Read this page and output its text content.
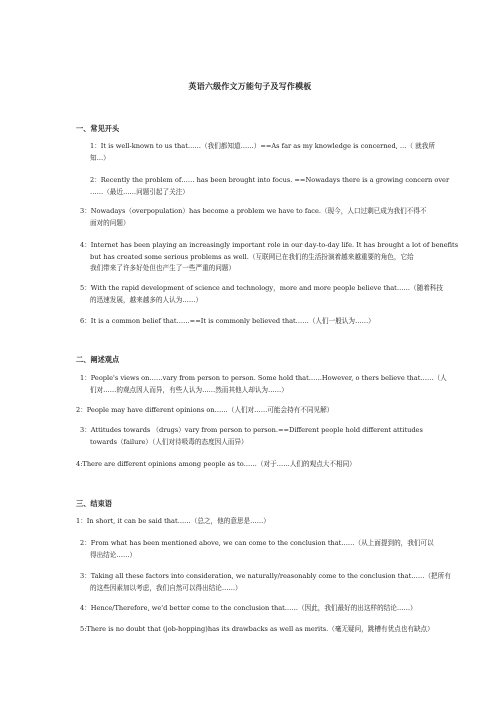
英语六级作文万能句子及写作模板
一、常见开头
1：It is well-known to us that……（我们都知道……）==As far as my knowledge is concerned, …（ 就我所
知…）
2：Recently the problem of…… has been brought into focus. ==Nowadays there is a growing concern over
……（最近……问题引起了关注）
3：Nowadays（overpopulation）has become a problem we have to face.（现今，人口过剩已成为我们不得不
面对的问题）
4：Internet has been playing an increasingly important role in our day-to-day life. It has brought a lot of benefits
but has created some serious problems as well.（互联网已在我们的生活扮演着越来越重要的角色，它给
我们带来了许多好处但也产生了一些严重的问题）
5：With the rapid development of science and technology，more and more people believe that……（随着科技
的迅速发展，越来越多的人认为……）
6：It is a common belief that……==It is commonly believed that……（人们一般认为……）
二、阐述观点
1：People's views on……vary from person to person. Some hold that……However, o thers believe that……（人
们对……的观点因人而异，有些人认为……然而其他人却认为……）
2：People may have different opinions on……（人们对……可能会持有不同见解）
3：Attitudes towards （drugs）vary from person to person.==Different people hold different attitudes
towards（failure）（人们对待吸毒的态度因人而异）
4:There are different opinions among people as to……（对于……人们的观点大不相同）
三、结束语
1：In short, it can be said that……（总之，他的意思是……）
2：From what has been mentioned above, we can come to the conclusion that……（从上面提到的，我们可以
得出结论……）
3：Taking all these factors into consideration, we naturally/reasonably come to the conclusion that……（把所有
的这些因素加以考虑，我们自然可以得出结论……）
4：Hence/Therefore, we'd better come to the conclusion that……（因此，我们最好的出这样的结论……）
5:There is no doubt that (job-hopping)has its drawbacks as well as merits.（毫无疑问，跳槽有优点也有缺点）
